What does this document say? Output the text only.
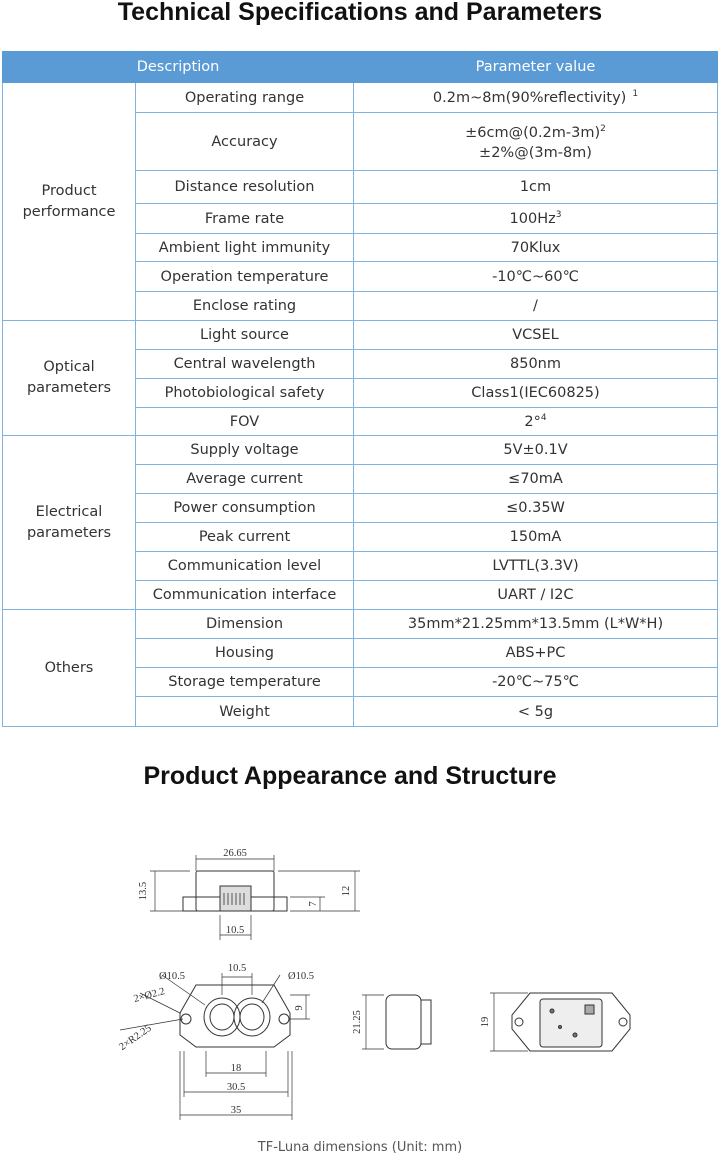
Technical Specifications and Parameters
Description		Parameter value
Product performance	Operating range	0.2m~8m(90%reflectivity) $^1$
	Accuracy	$\pm 6cm@(0.2m-3m)^2$
±2%@(3m-8m)
	Distance resolution	1cm
	Frame rate	100Hz$^3$
	Ambient light immunity	70Klux
	Operation temperature	-10℃~60℃
	Enclose rating	/
Optical parameters	Light source	VCSEL
	Central wavelength	850nm
	Photobiological safety	Class1(IEC60825)
	FOV	2°$^4$
Electrical parameters	Supply voltage	5V±0.1V
	Average current	≤70mA
	Power consumption	≤0.35W
	Peak current	150mA
	Communication level	LVTTL(3.3V)
	Communication interface	UART / I2C
Others	Dimension	35mm*21.25mm*13.5mm (L*W*H)
	Housing	ABS+PC
	Storage temperature	-20℃~75℃
	Weight	< 5g
Product Appearance and Structure
26.65
13.5
7
12
10.5
Ø10.5
10.5
Ø10.5
2×Ø2.2
2×R2.25
9
18
30.5
35
21.25	19
TF-Luna dimensions (Unit: mm)
